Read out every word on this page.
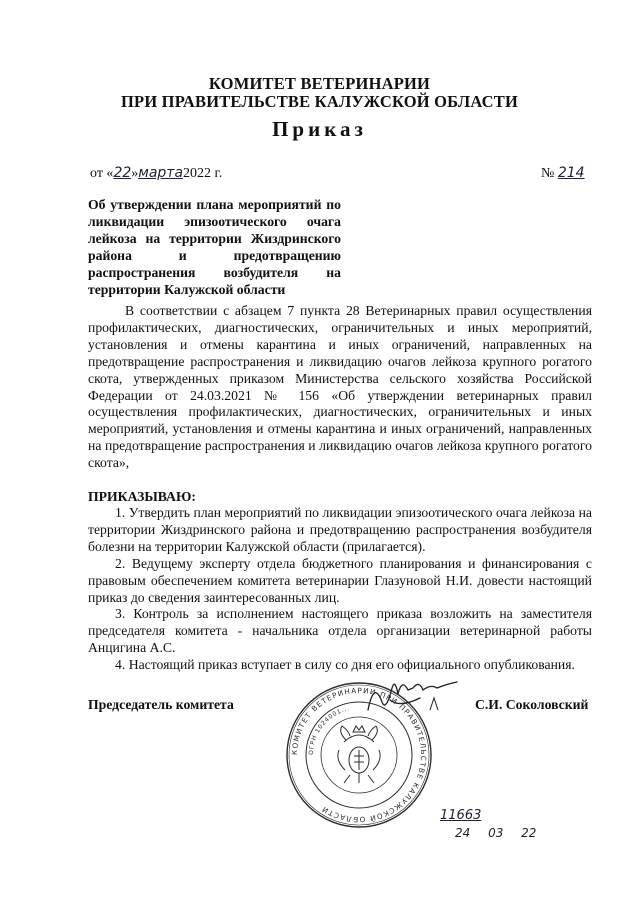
КОМИТЕТ ВЕТЕРИНАРИИ
ПРИ ПРАВИТЕЛЬСТВЕ КАЛУЖСКОЙ ОБЛАСТИ
Приказ
от «22»марта2022 г.	№ 214

Об утверждении плана мероприятий по

ликвидации эпизоотического очага

лейкоза на территории Жиздринского

района и предотвращению

распространения возбудителя на

территории Калужской области

В соответствии с абзацем 7 пункта 28 Ветеринарных правил осуществления профилактических, диагностических, ограничительных и иных мероприятий, установления и отмены карантина и иных ограничений, направленных на предотвращение распространения и ликвидацию очагов лейкоза крупного рогатого скота, утвержденных приказом Министерства сельского хозяйства Российской Федерации от 24.03.2021 № 156 «Об утверждении ветеринарных правил осуществления профилактических, диагностических, ограничительных и иных мероприятий, установления и отмены карантина и иных ограничений, направленных на предотвращение распространения и ликвидацию очагов лейкоза крупного рогатого скота»,

ПРИКАЗЫВАЮ:

1. Утвердить план мероприятий по ликвидации эпизоотического очага лейкоза на территории Жиздринского района и предотвращению распространения возбудителя болезни на территории Калужской области (прилагается).

2. Ведущему эксперту отдела бюджетного планирования и финансирования с правовым обеспечением комитета ветеринарии Глазуновой Н.И. довести настоящий приказ до сведения заинтересованных лиц.

3. Контроль за исполнением настоящего приказа возложить на заместителя председателя комитета - начальника отдела организации ветеринарной работы Анцигина А.С.

4. Настоящий приказ вступает в силу со дня его официального опубликования.

КОМИТЕТ ВЕТЕРИНАРИИ ПРИ ПРАВИТЕЛЬСТВЕ КАЛУЖСКОЙ ОБЛАСТИ
ОГРН 1024001...
Председатель комитета	С.И. Соколовский
11663
24 03 22
